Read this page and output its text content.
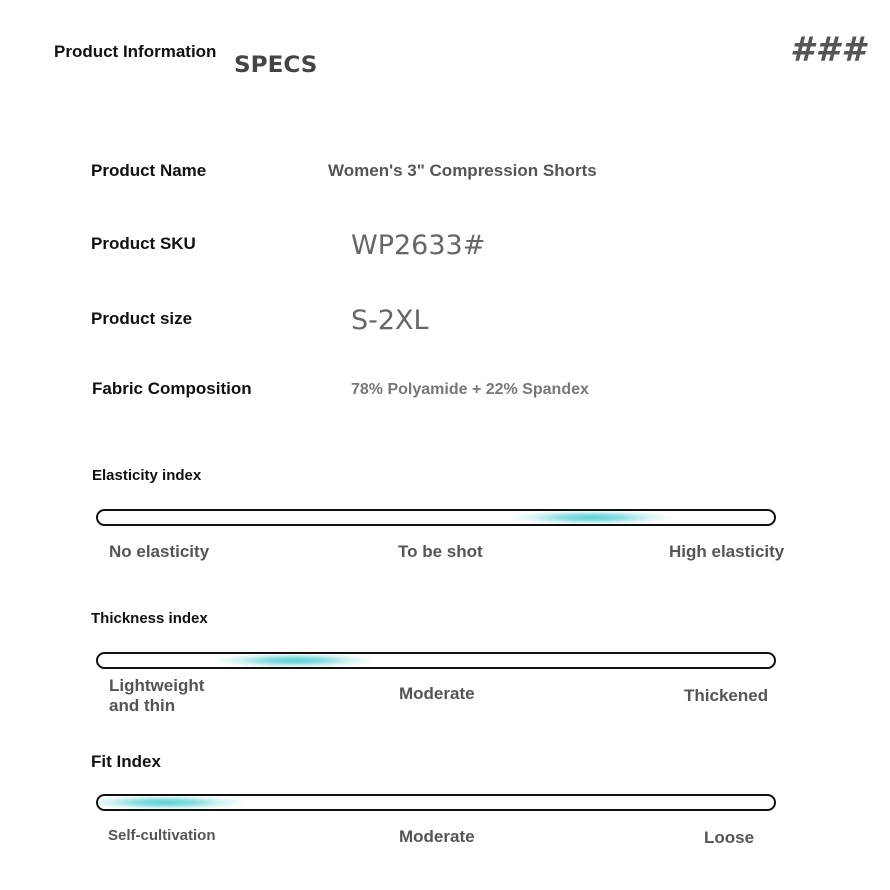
Product Information
SPECS	###
Product Name	Women's 3" Compression Shorts
Product SKU	WP2633#
Product size	S-2XL
Fabric Composition	78% Polyamide + 22% Spandex
Elasticity index
No elasticity	To be shot	High elasticity
Thickness index
Lightweight and thin
Moderate	Thickened
Fit Index
Self-cultivation	Moderate	Loose
